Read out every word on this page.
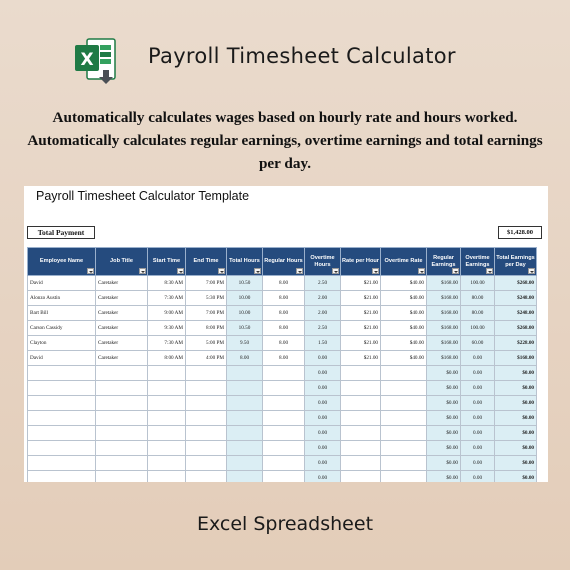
X	Payroll Timesheet Calculator
Automatically calculates wages based on hourly rate and hours worked.
Automatically calculates regular earnings, overtime earnings and total earnings
per day.
Payroll Timesheet Calculator Template
Total Payment	$1,428.00
Employee Name	Job Title	Start Time	End Time	Total Hours	Regular Hours	Overtime Hours	Rate per Hour	Overtime Rate	Regular Earnings	Overtime Earnings	Total Earnings per Day

David	Caretaker	8:30 AM	7:00 PM	10.50	8.00	2.50	$21.00	$40.00	$168.00	100.00	$268.00
Alonzo Austin	Caretaker	7:30 AM	5:30 PM	10.00	8.00	2.00	$21.00	$40.00	$168.00	80.00	$248.00
Bart Bill	Caretaker	9:00 AM	7:00 PM	10.00	8.00	2.00	$21.00	$40.00	$168.00	80.00	$248.00
Carson Cassidy	Caretaker	9:30 AM	8:00 PM	10.50	8.00	2.50	$21.00	$40.00	$168.00	100.00	$268.00
Clayton	Caretaker	7:30 AM	5:00 PM	9.50	8.00	1.50	$21.00	$40.00	$168.00	60.00	$228.00
David	Caretaker	8:00 AM	4:00 PM	8.00	8.00	0.00	$21.00	$40.00	$168.00	0.00	$168.00
						0.00			$0.00	0.00	$0.00
						0.00			$0.00	0.00	$0.00
						0.00			$0.00	0.00	$0.00
						0.00			$0.00	0.00	$0.00
						0.00			$0.00	0.00	$0.00
						0.00			$0.00	0.00	$0.00
						0.00			$0.00	0.00	$0.00
						0.00			$0.00	0.00	$0.00
Excel Spreadsheet
